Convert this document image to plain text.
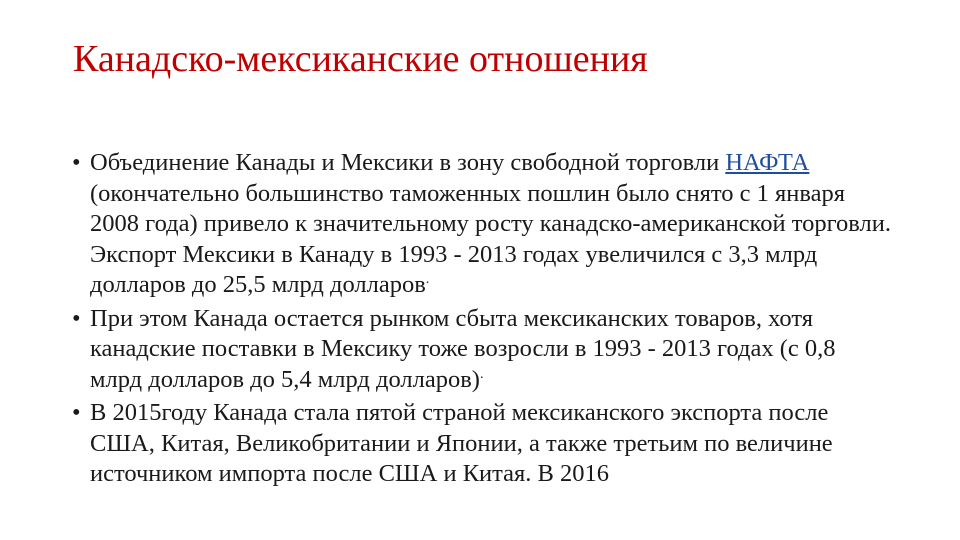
Канадско-мексиканские отношения
• Объединение Канады и Мексики в зону свободной торговли НАФТА (окончательно большинство таможенных пошлин было снято с 1 января 2008 года) привело к значительному росту канадско-американской торговли. Экспорт Мексики в Канаду в 1993 - 2013 годах увеличился с 3,3 млрд долларов до 25,5 млрд долларов.
• При этом Канада остается рынком сбыта мексиканских товаров, хотя канадские поставки в Мексику тоже возросли в 1993 - 2013 годах (с 0,8 млрд долларов до 5,4 млрд долларов).
• В 2015году Канада стала пятой страной мексиканского экспорта после США, Китая, Великобритании и Японии, а также третьим по величине источником импорта после США и Китая. В 2016
